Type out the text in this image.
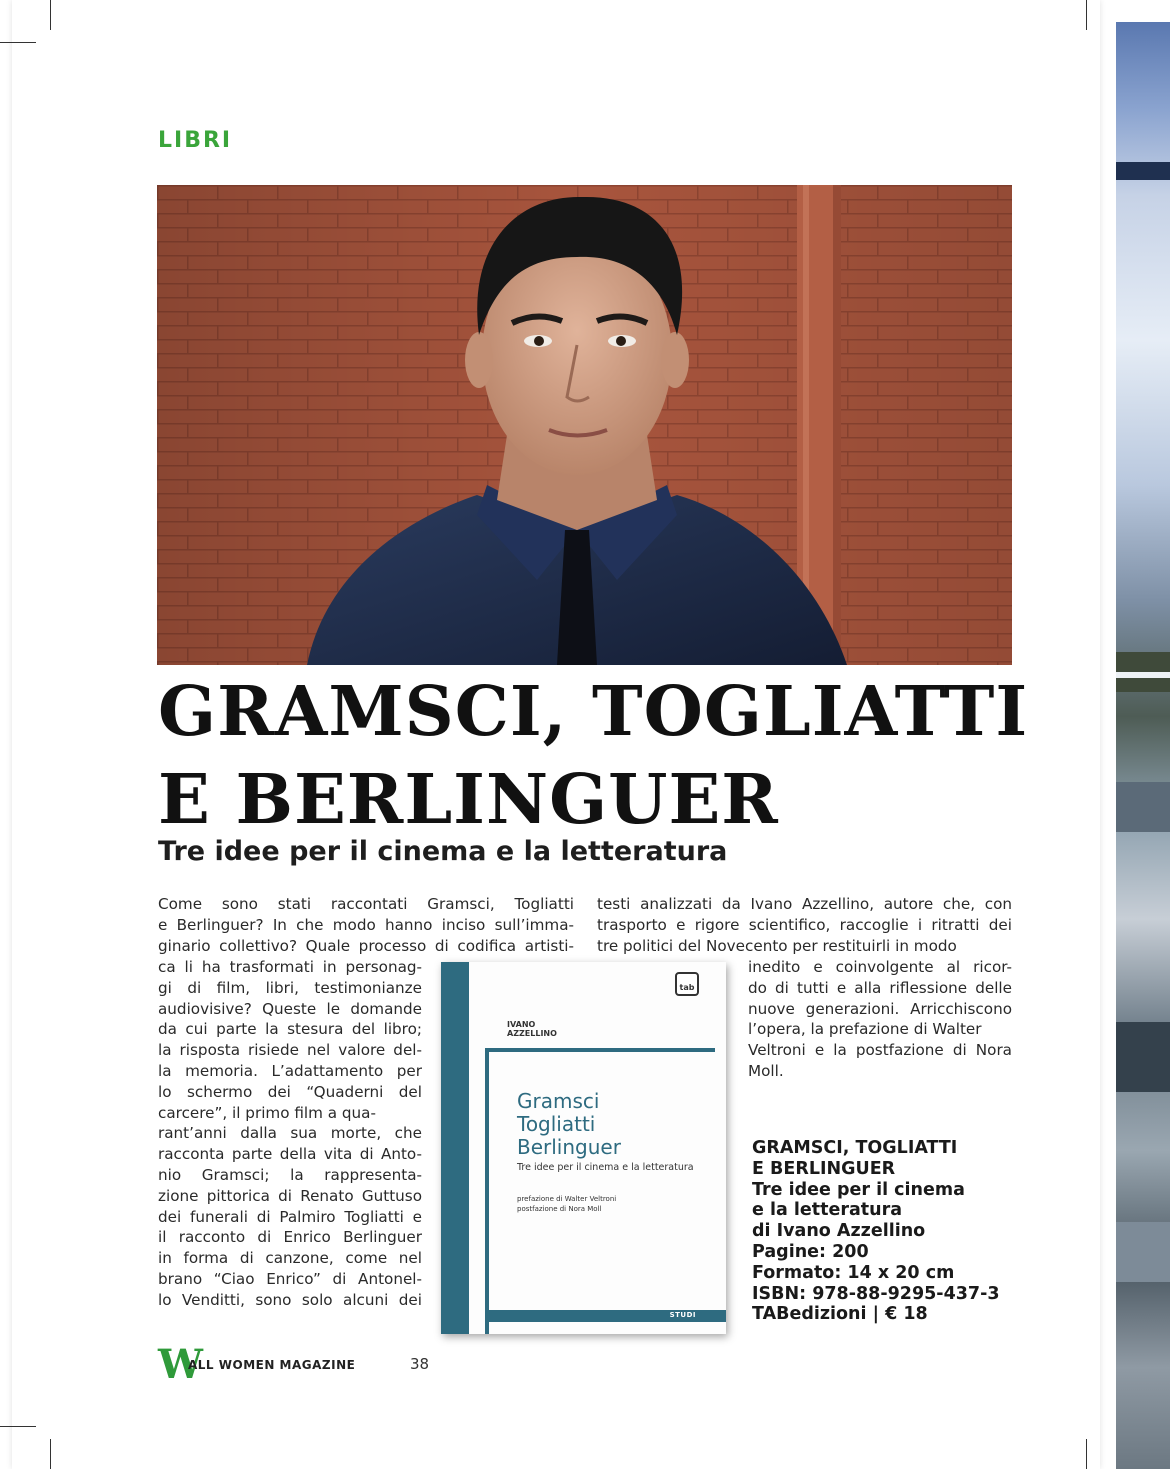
LIBRI
GRAMSCI, TOGLIATTI
E BERLINGUER
Tre idee per il cinema e la letteratura
Come sono stati raccontati Gramsci, Togliatti
e Berlinguer? In che modo hanno inciso sull’imma-
ginario collettivo? Quale processo di codifica artisti-
ca li ha trasformati in personag-
gi di film, libri, testimonianze
audiovisive? Queste le domande
da cui parte la stesura del libro;
la risposta risiede nel valore del-
la memoria. L’adattamento per
lo schermo dei “Quaderni del
carcere”, il primo film a qua-
rant’anni dalla sua morte, che
racconta parte della vita di Anto-
nio Gramsci; la rappresenta-
zione pittorica di Renato Guttuso
dei funerali di Palmiro Togliatti e
il racconto di Enrico Berlinguer
in forma di canzone, come nel
brano “Ciao Enrico” di Antonel-
lo Venditti, sono solo alcuni dei
testi analizzati da Ivano Azzellino, autore che, con
trasporto e rigore scientifico, raccoglie i ritratti dei
tre politici del Novecento per restituirli in modo
inedito e coinvolgente al ricor-
do di tutti e alla riflessione delle
nuove generazioni. Arricchiscono
l’opera, la prefazione di Walter
Veltroni e la postfazione di Nora
Moll.
tab
IVANO
AZZELLINO
Gramsci
Togliatti
Berlinguer
Tre idee per il cinema e la letteratura
prefazione di Walter Veltroni
postfazione di Nora Moll
STUDI
GRAMSCI, TOGLIATTI
E BERLINGUER
Tre idee per il cinema
e la letteratura
di Ivano Azzellino
Pagine: 200
Formato: 14 x 20 cm
ISBN: 978-88-9295-437-3
TABedizioni | € 18
W
ALL WOMEN MAGAZINE	38
